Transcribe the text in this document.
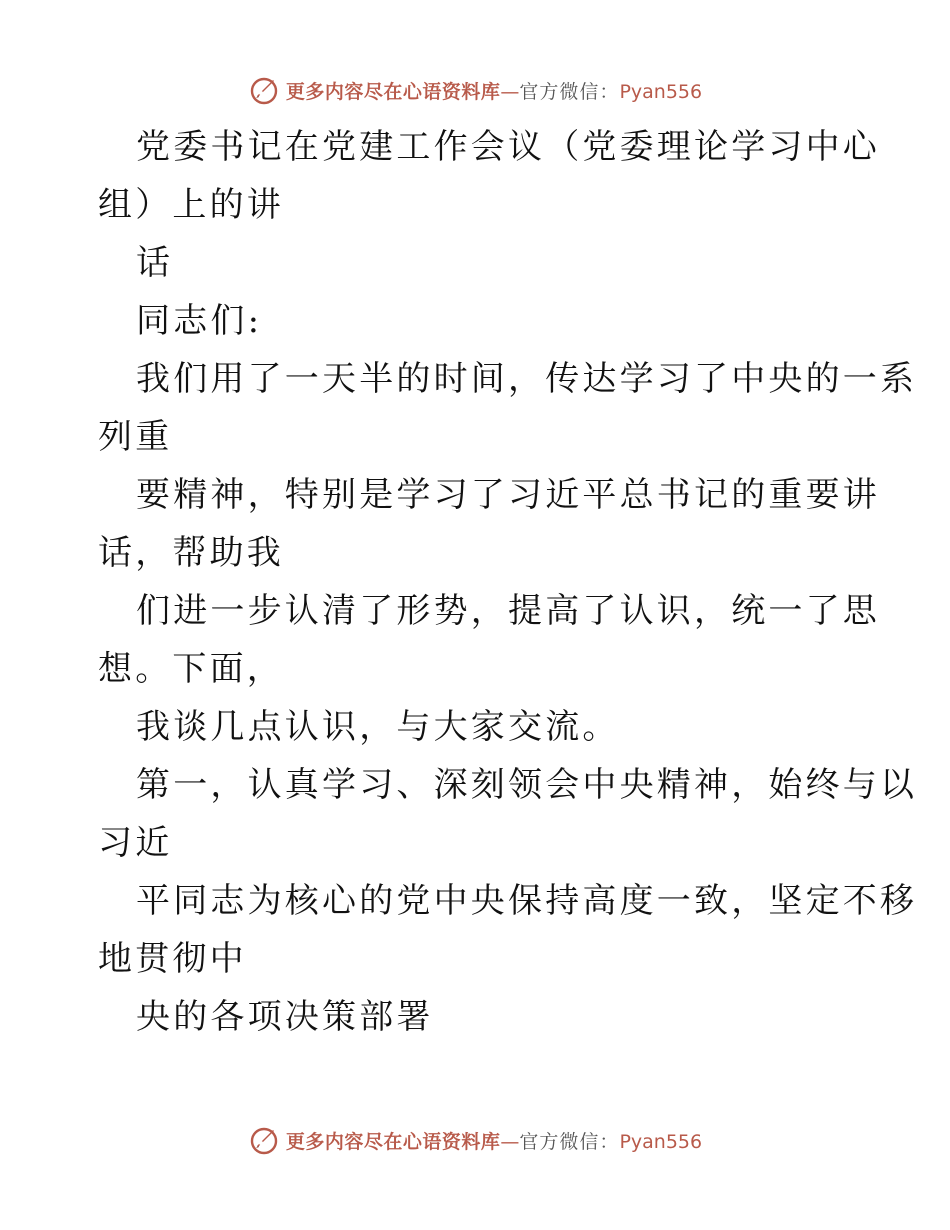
更多内容尽在心语资料库—官方微信：Pyan556
党委书记在党建工作会议（党委理论学习中心
组）上的讲
话
同志们:
我们用了一天半的时间，传达学习了中央的一系
列重
要精神，特别是学习了习近平总书记的重要讲
话，帮助我
们进一步认清了形势，提高了认识，统一了思
想。下面，
我谈几点认识，与大家交流。
第一，认真学习、深刻领会中央精神，始终与以
习近
平同志为核心的党中央保持高度一致，坚定不移
地贯彻中
央的各项决策部署
更多内容尽在心语资料库—官方微信：Pyan556
